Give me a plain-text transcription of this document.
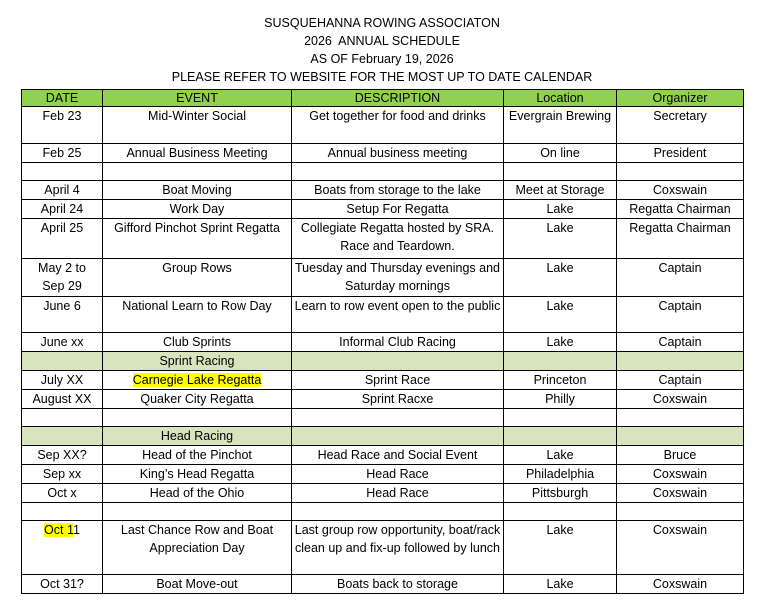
SUSQUEHANNA ROWING ASSOCIATON
2026  ANNUAL SCHEDULE
AS OF February 19, 2026
PLEASE REFER TO WEBSITE FOR THE MOST UP TO DATE CALENDAR
DATE	EVENT	DESCRIPTION	Location	Organizer
Feb 23	Mid-Winter Social	Get together for food and drinks	Evergrain Brewing	Secretary
Feb 25	Annual Business Meeting	Annual business meeting	On line	President

April 4	Boat Moving	Boats from storage to the lake	Meet at Storage	Coxswain
April 24	Work Day	Setup For Regatta	Lake	Regatta Chairman
April 25	Gifford Pinchot Sprint Regatta	Collegiate Regatta hosted by SRA. Race and Teardown.	Lake	Regatta Chairman
May 2 to Sep 29	Group Rows	Tuesday and Thursday evenings and Saturday mornings	Lake	Captain
June 6	National Learn to Row Day	Learn to row event open to the public	Lake	Captain
June xx	Club Sprints	Informal Club Racing	Lake	Captain
	Sprint Racing			
July XX	Carnegie Lake Regatta	Sprint Race	Princeton	Captain
August XX	Quaker City Regatta	Sprint Racxe	Philly	Coxswain

	Head Racing			
Sep XX?	Head of the Pinchot	Head Race and Social Event	Lake	Bruce
Sep xx	King’s Head Regatta	Head Race	Philadelphia	Coxswain
Oct x	Head of the Ohio	Head Race	Pittsburgh	Coxswain

Oct 11	Last Chance Row and Boat Appreciation Day	Last group row opportunity, boat/rack clean up and fix-up followed by lunch	Lake	Coxswain
Oct 31?	Boat Move-out	Boats back to storage	Lake	Coxswain
